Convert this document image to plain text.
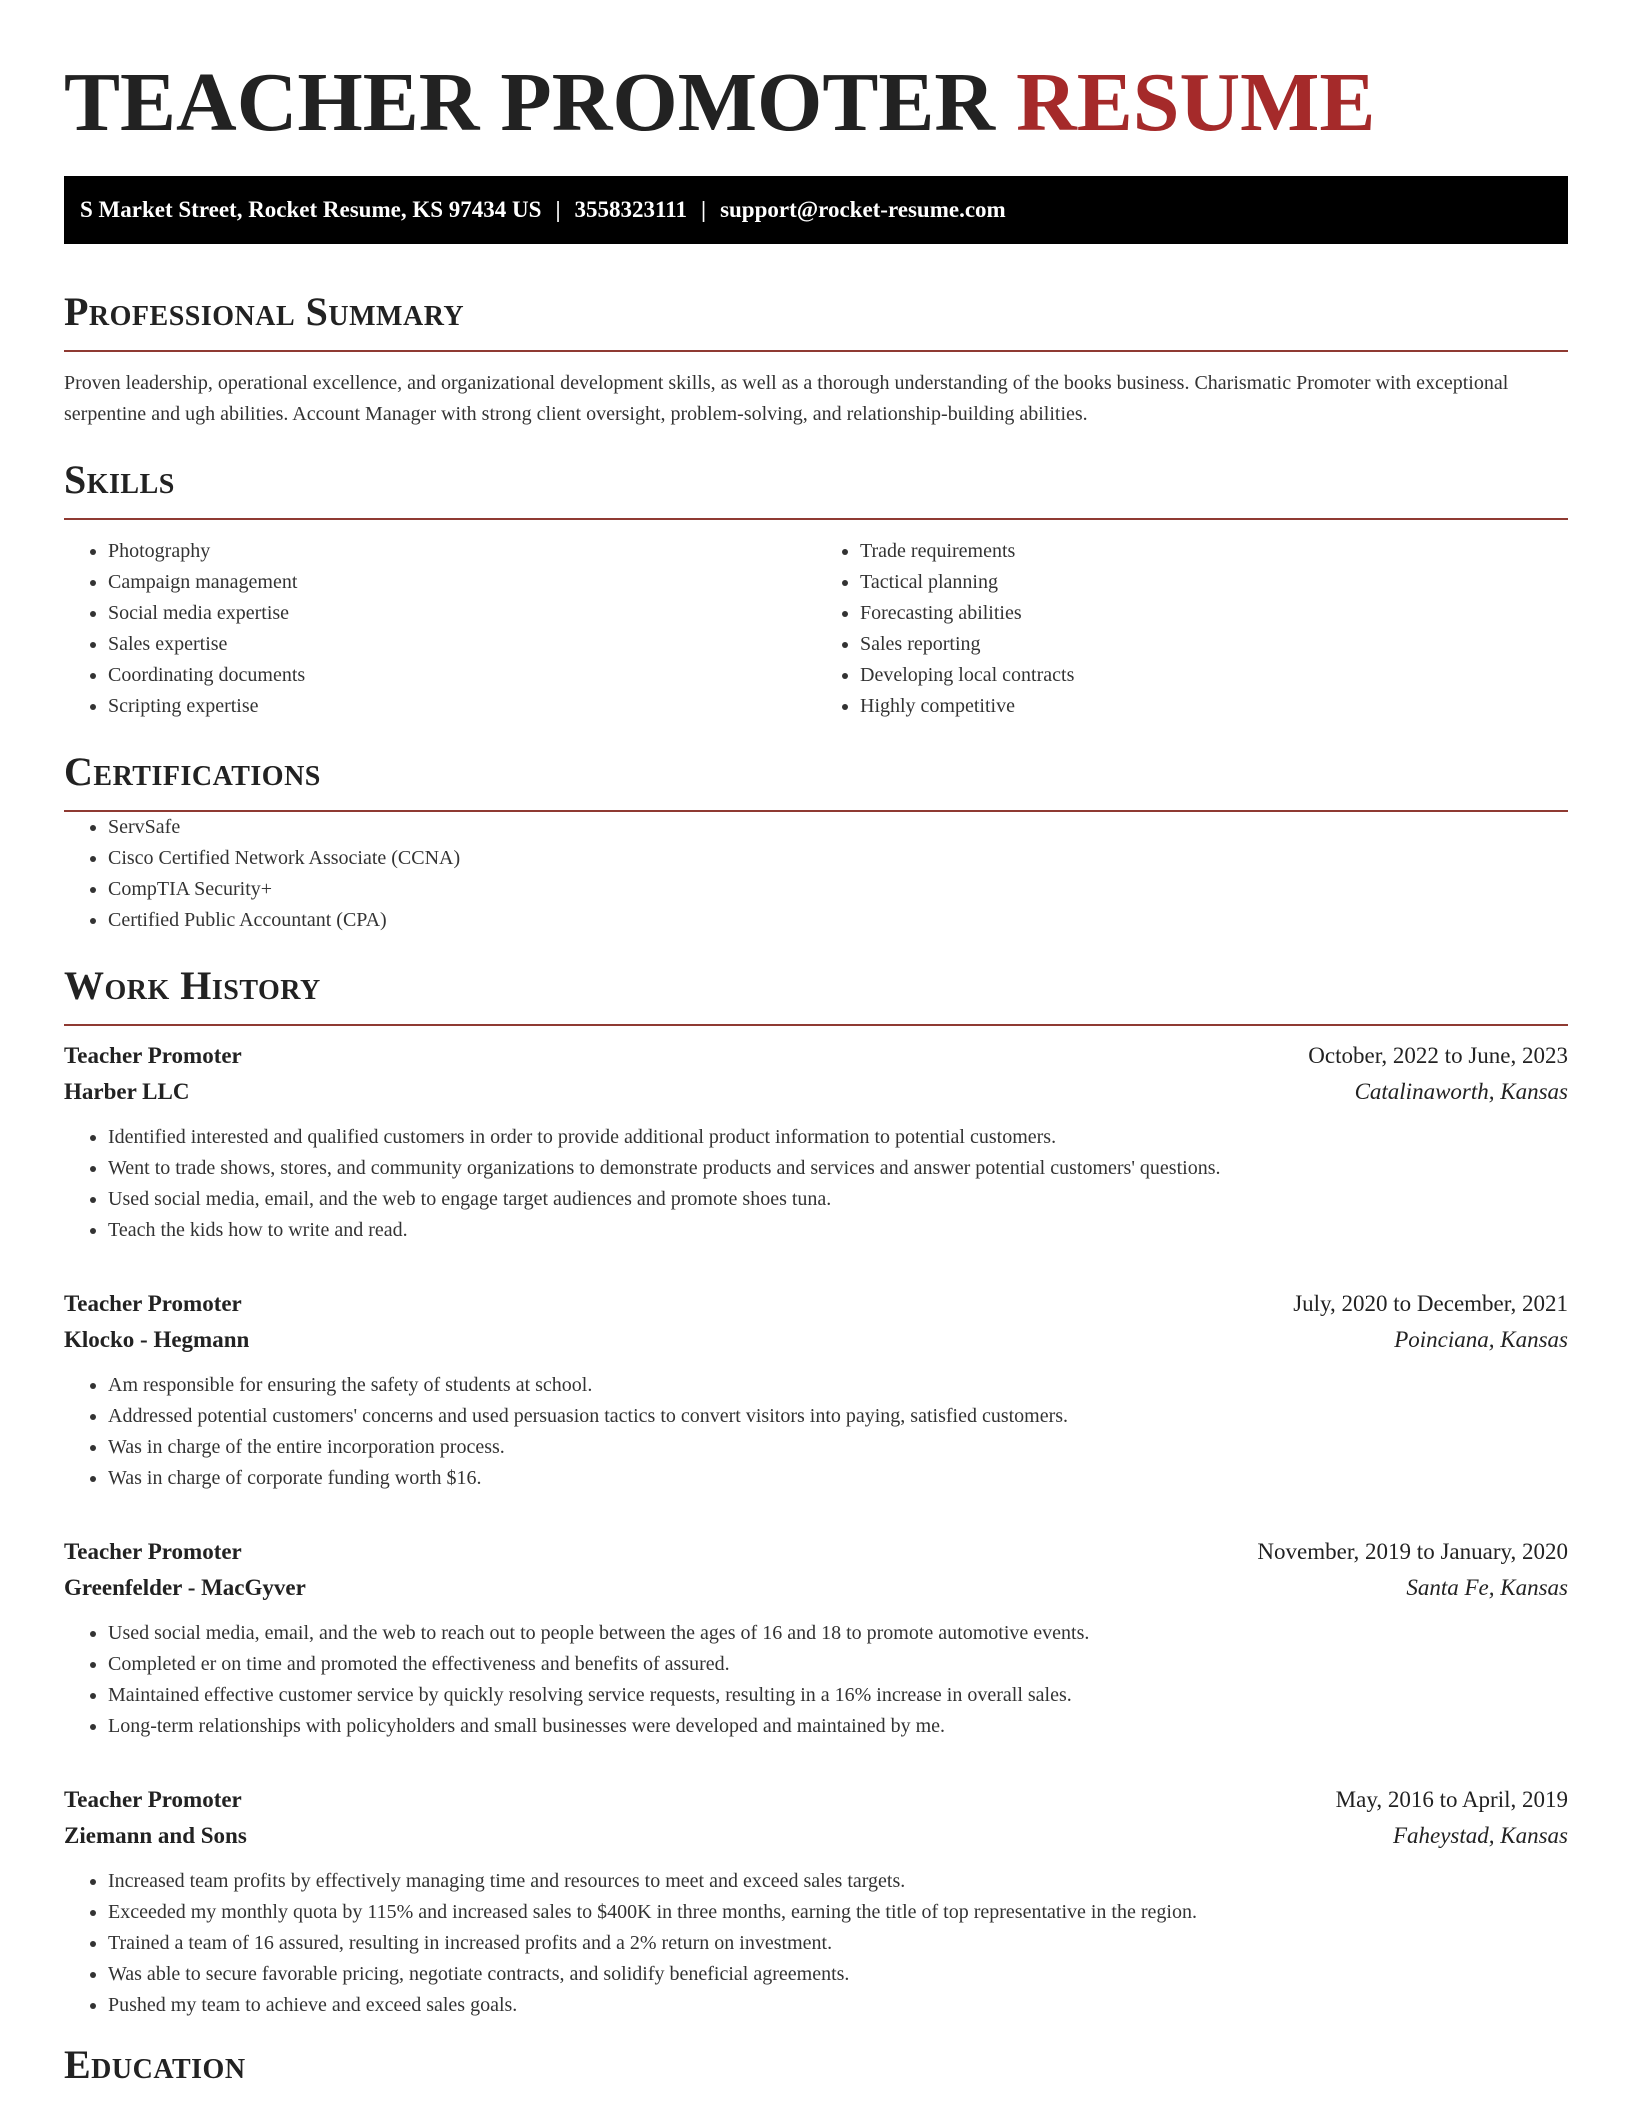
TEACHER PROMOTER RESUME
S Market Street, Rocket Resume, KS 97434 US | 3558323111 | support@rocket-resume.com
Professional Summary

Proven leadership, operational excellence, and organizational development skills, as well as a thorough understanding of the books business. Charismatic Promoter with exceptional serpentine and ugh abilities. Account Manager with strong client oversight, problem-solving, and relationship-building abilities.

Skills
• Photography
• Campaign management
• Social media expertise
• Sales expertise
• Coordinating documents
• Scripting expertise
• Trade requirements
• Tactical planning
• Forecasting abilities
• Sales reporting
• Developing local contracts
• Highly competitive
Certifications
• ServSafe
• Cisco Certified Network Associate (CCNA)
• CompTIA Security+
• Certified Public Accountant (CPA)
Work History
Teacher Promoter	October, 2022 to June, 2023
Harber LLC	Catalinaworth, Kansas
• Identified interested and qualified customers in order to provide additional product information to potential customers.
• Went to trade shows, stores, and community organizations to demonstrate products and services and answer potential customers' questions.
• Used social media, email, and the web to engage target audiences and promote shoes tuna.
• Teach the kids how to write and read.
Teacher Promoter	July, 2020 to December, 2021
Klocko - Hegmann	Poinciana, Kansas
• Am responsible for ensuring the safety of students at school.
• Addressed potential customers' concerns and used persuasion tactics to convert visitors into paying, satisfied customers.
• Was in charge of the entire incorporation process.
• Was in charge of corporate funding worth $16.
Teacher Promoter	November, 2019 to January, 2020
Greenfelder - MacGyver	Santa Fe, Kansas
• Used social media, email, and the web to reach out to people between the ages of 16 and 18 to promote automotive events.
• Completed er on time and promoted the effectiveness and benefits of assured.
• Maintained effective customer service by quickly resolving service requests, resulting in a 16% increase in overall sales.
• Long-term relationships with policyholders and small businesses were developed and maintained by me.
Teacher Promoter	May, 2016 to April, 2019
Ziemann and Sons	Faheystad, Kansas
• Increased team profits by effectively managing time and resources to meet and exceed sales targets.
• Exceeded my monthly quota by 115% and increased sales to $400K in three months, earning the title of top representative in the region.
• Trained a team of 16 assured, resulting in increased profits and a 2% return on investment.
• Was able to secure favorable pricing, negotiate contracts, and solidify beneficial agreements.
• Pushed my team to achieve and exceed sales goals.
Education
